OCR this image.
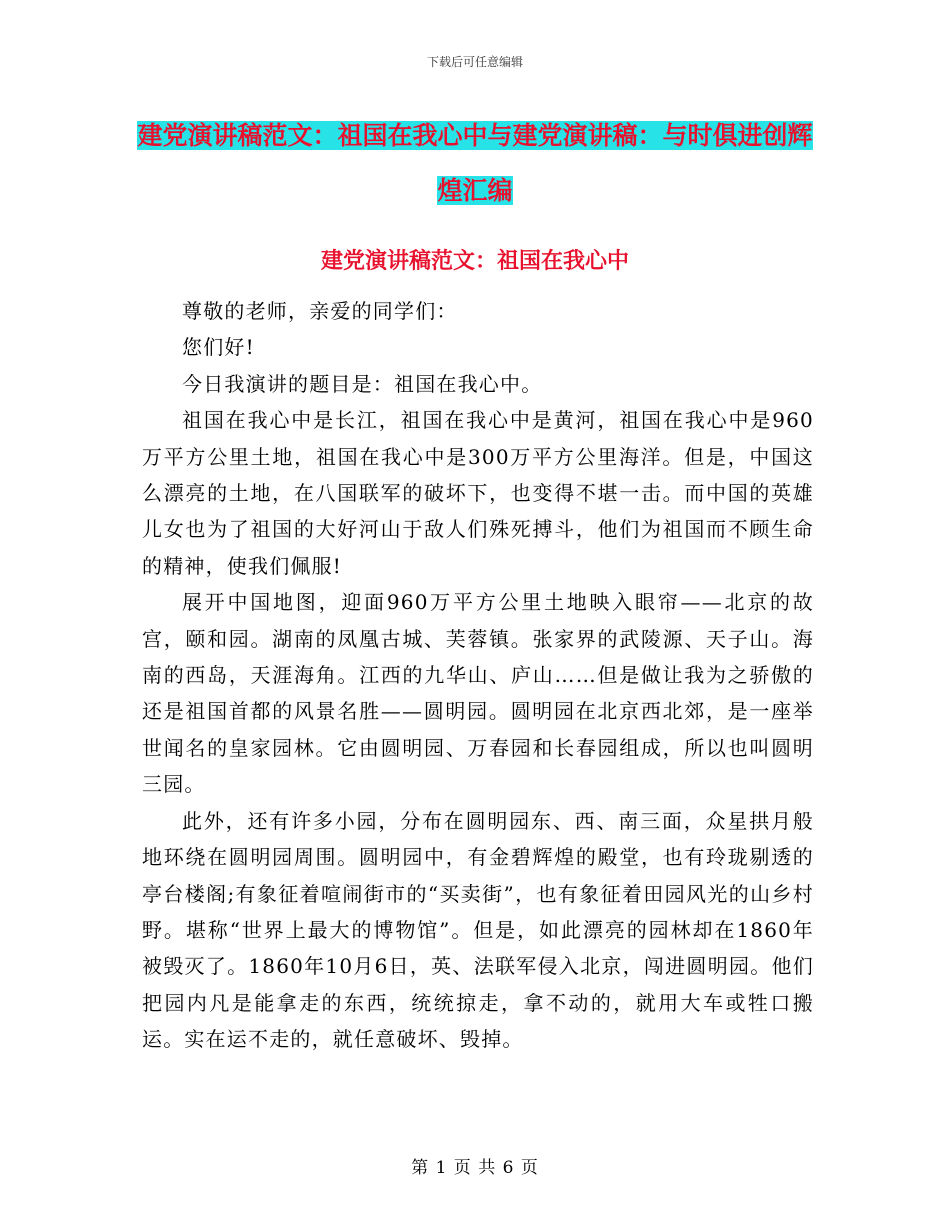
下载后可任意编辑
建党演讲稿范文：祖国在我心中与建党演讲稿：与时俱进创辉煌汇编
建党演讲稿范文：祖国在我心中

尊敬的老师，亲爱的同学们：

您们好!

今日我演讲的题目是：祖国在我心中。

祖国在我心中是长江，祖国在我心中是黄河，祖国在我心中是960万平方公里土地，祖国在我心中是300万平方公里海洋。但是，中国这么漂亮的土地，在八国联军的破坏下，也变得不堪一击。而中国的英雄儿女也为了祖国的大好河山于敌人们殊死搏斗，他们为祖国而不顾生命的精神，使我们佩服!

展开中国地图，迎面960万平方公里土地映入眼帘——北京的故宫，颐和园。湖南的凤凰古城、芙蓉镇。张家界的武陵源、天子山。海南的西岛，天涯海角。江西的九华山、庐山……但是做让我为之骄傲的还是祖国首都的风景名胜——圆明园。圆明园在北京西北郊，是一座举世闻名的皇家园林。它由圆明园、万春园和长春园组成，所以也叫圆明三园。

此外，还有许多小园，分布在圆明园东、西、南三面，众星拱月般地环绕在圆明园周围。圆明园中，有金碧辉煌的殿堂，也有玲珑剔透的亭台楼阁;有象征着喧闹街市的“买卖街”，也有象征着田园风光的山乡村野。堪称“世界上最大的博物馆”。但是，如此漂亮的园林却在1860年被毁灭了。1860年10月6日，英、法联军侵入北京，闯进圆明园。他们把园内凡是能拿走的东西，统统掠走，拿不动的，就用大车或牲口搬运。实在运不走的，就任意破坏、毁掉。

第 1 页 共 6 页
